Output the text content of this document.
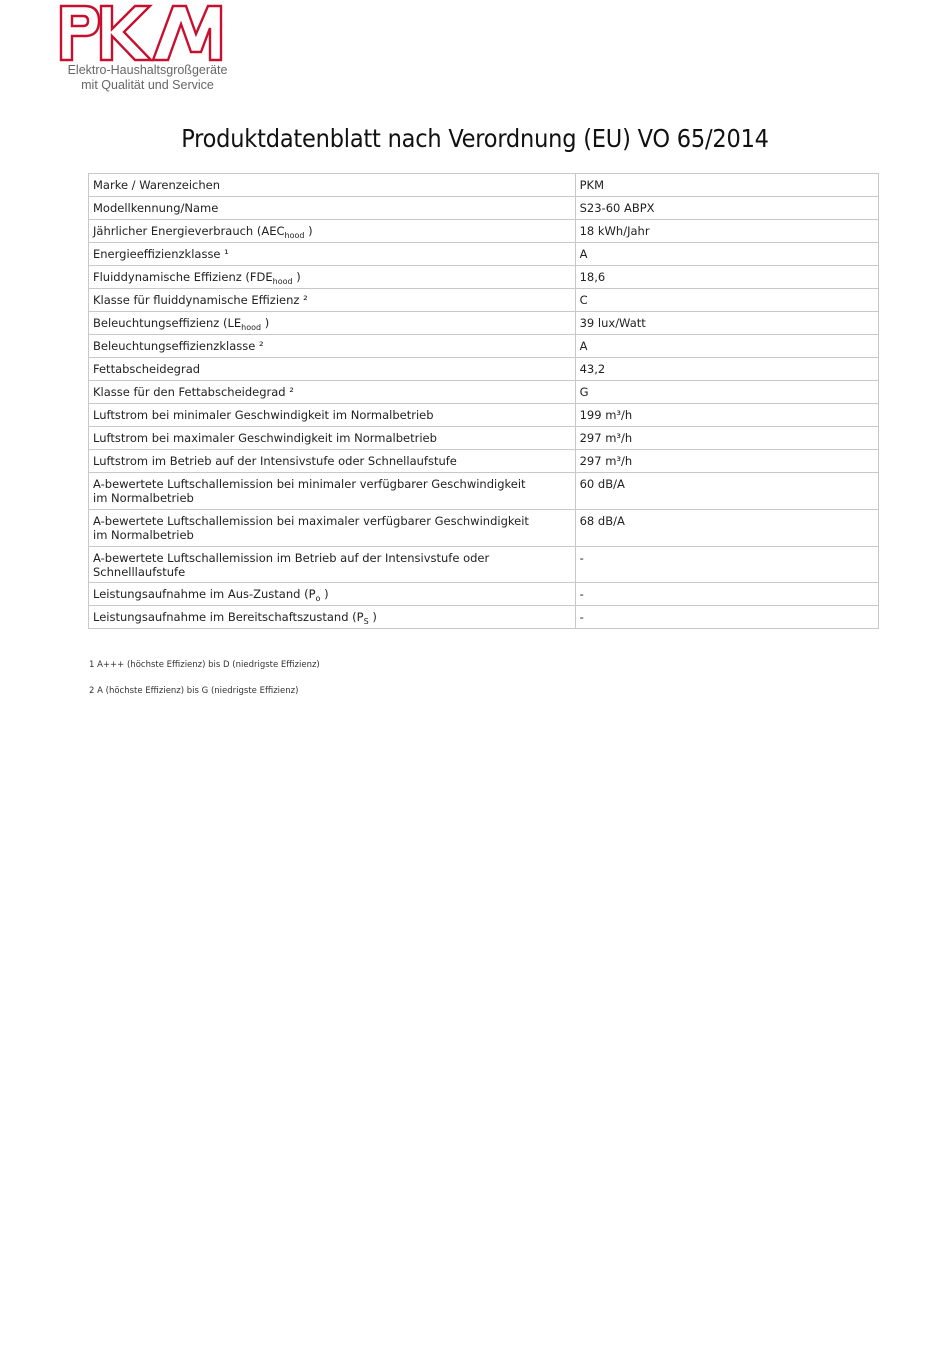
Elektro-Haushaltsgroßgeräte
mit Qualität und Service
Produktdatenblatt nach Verordnung (EU) VO 65/2014
Marke / Warenzeichen	PKM
Modellkennung/Name	S23-60 ABPX
Jährlicher Energieverbrauch ($AEC_{hood}$ )	18 kWh/Jahr
Energieeffizienzklasse ¹	A
Fluiddynamische Effizienz ($FDE_{hood}$ )	18,6
Klasse für fluiddynamische Effizienz ²	C
Beleuchtungseffizienz ($LE_{hood}$ )	39 lux/Watt
Beleuchtungseffizienzklasse ²	A
Fettabscheidegrad	43,2
Klasse für den Fettabscheidegrad ²	G
Luftstrom bei minimaler Geschwindigkeit im Normalbetrieb	199 m³/h
Luftstrom bei maximaler Geschwindigkeit im Normalbetrieb	297 m³/h
Luftstrom im Betrieb auf der Intensivstufe oder Schnellaufstufe	297 m³/h
A-bewertete Luftschallemission bei minimaler verfügbarer Geschwindigkeit
im Normalbetrieb	60 dB/A
A-bewertete Luftschallemission bei maximaler verfügbarer Geschwindigkeit
im Normalbetrieb	68 dB/A
A-bewertete Luftschallemission im Betrieb auf der Intensivstufe oder Schnelllaufstufe	-
Leistungsaufnahme im Aus-Zustand ($P_o$ )	-
Leistungsaufnahme im Bereitschaftszustand ($P_S$ )	-
1 A+++ (höchste Effizienz) bis D (niedrigste Effizienz)
2 A (höchste Effizienz) bis G (niedrigste Effizienz)
